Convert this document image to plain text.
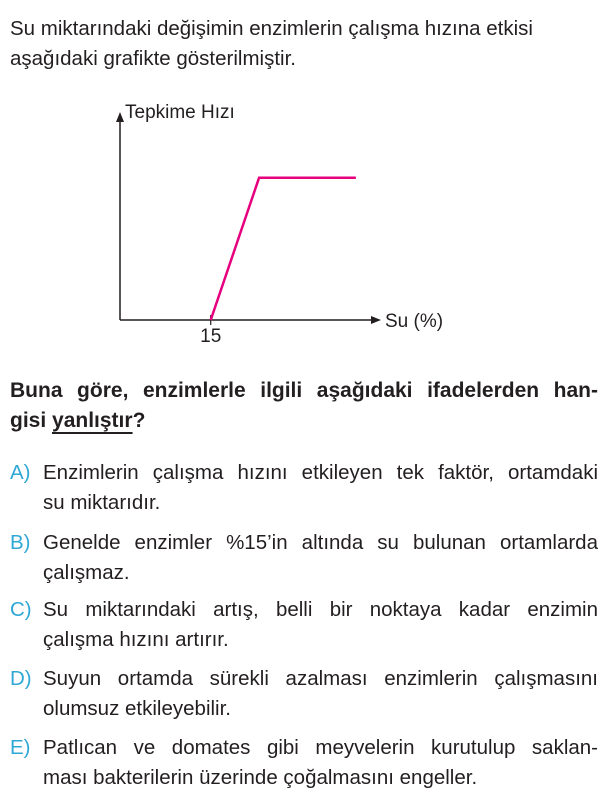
Su miktarındaki değişimin enzimlerin çalışma hızına etkisi
aşağıdaki grafikte gösterilmiştir.
Tepkime Hızı
Su (%)
15
Buna göre, enzimlerle ilgili aşağıdaki ifadelerden han-
gisi yanlıştır?
A) Enzimlerin çalışma hızını etkileyen tek faktör, ortamdaki
su miktarıdır.
B) Genelde enzimler %15’in altında su bulunan ortamlarda
çalışmaz.
C) Su miktarındaki artış, belli bir noktaya kadar enzimin
çalışma hızını artırır.
D) Suyun ortamda sürekli azalması enzimlerin çalışmasını
olumsuz etkileyebilir.
E) Patlıcan ve domates gibi meyvelerin kurutulup saklan-
ması bakterilerin üzerinde çoğalmasını engeller.
